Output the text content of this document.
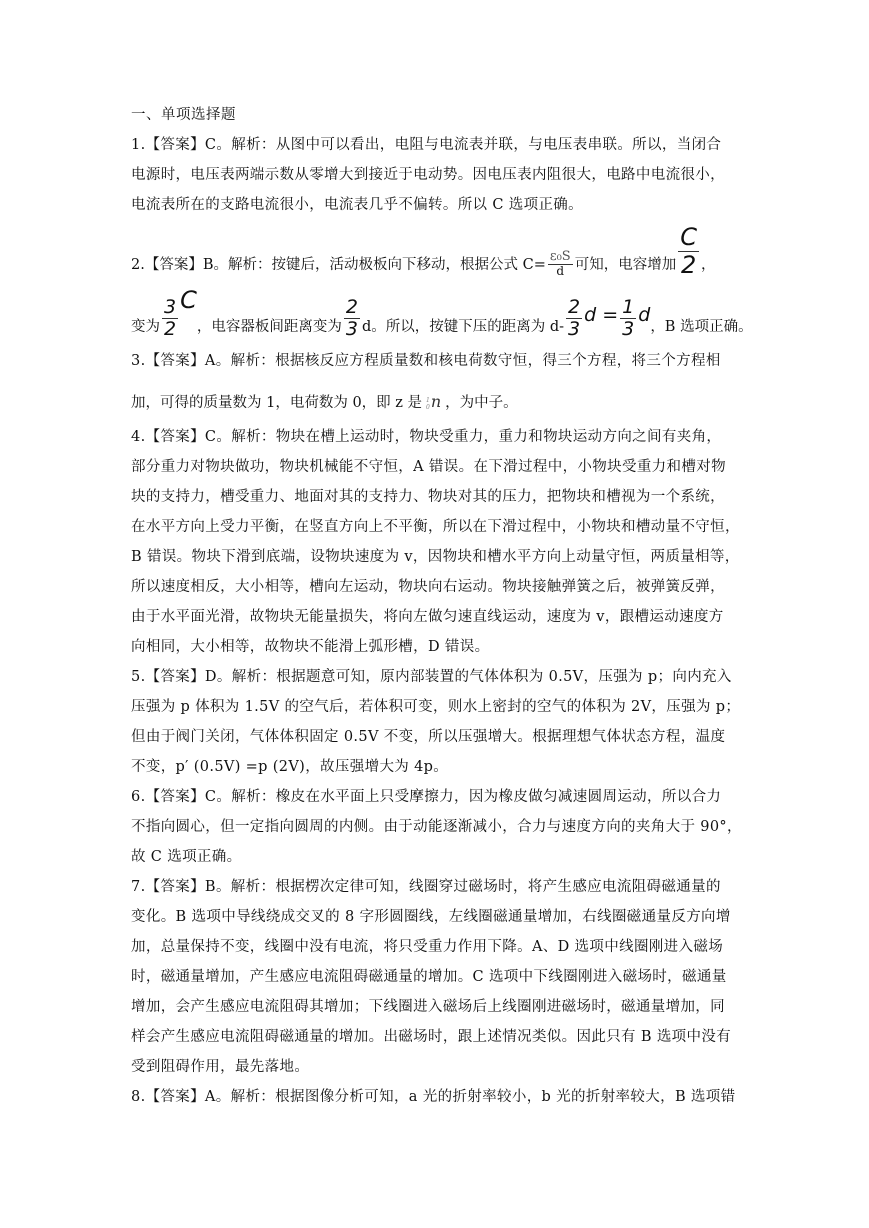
一、单项选择题
1.【答案】C。解析：从图中可以看出，电阻与电流表并联，与电压表串联。所以，当闭合
电源时，电压表两端示数从零增大到接近于电动势。因电压表内阻很大，电路中电流很小，
电流表所在的支路电流很小，电流表几乎不偏转。所以 C 选项正确。
2.【答案】B。解析：按键后，活动极板向下移动，根据公式 $C= \frac{\text{ε₀S}}{d}$ 可知，电容增加 $\frac{C}{2}$ ，
变为 $\frac{3}{2}$ C
，电容器板间距离变为 $\frac{2}{3}$ d。所以，按键下压的距离为 $d- \frac{2}{3}$ $d = \frac{1}{3}$ d
，B 选项正确。
3.【答案】A。解析：根据核反应方程质量数和核电荷数守恒，得三个方程，将三个方程相
加，可得的质量数为 1，电荷数为 0，即 z 是 1
0 n ，为中子。
4.【答案】C。解析：物块在槽上运动时，物块受重力，重力和物块运动方向之间有夹角，
部分重力对物块做功，物块机械能不守恒，A 错误。在下滑过程中，小物块受重力和槽对物
块的支持力，槽受重力、地面对其的支持力、物块对其的压力，把物块和槽视为一个系统，
在水平方向上受力平衡，在竖直方向上不平衡，所以在下滑过程中，小物块和槽动量不守恒，
B 错误。物块下滑到底端，设物块速度为 v，因物块和槽水平方向上动量守恒，两质量相等，
所以速度相反，大小相等，槽向左运动，物块向右运动。物块接触弹簧之后，被弹簧反弹，
由于水平面光滑，故物块无能量损失，将向左做匀速直线运动，速度为 v，跟槽运动速度方
向相同，大小相等，故物块不能滑上弧形槽，D 错误。
5.【答案】D。解析：根据题意可知，原内部装置的气体体积为 0.5V，压强为 p；向内充入
压强为 p 体积为 1.5V 的空气后，若体积可变，则水上密封的空气的体积为 2V，压强为 p；
但由于阀门关闭，气体体积固定 0.5V 不变，所以压强增大。根据理想气体状态方程，温度
不变，p′ (0.5V) =p (2V)，故压强增大为 4p。
6.【答案】C。解析：橡皮在水平面上只受摩擦力，因为橡皮做匀减速圆周运动，所以合力
不指向圆心，但一定指向圆周的内侧。由于动能逐渐减小，合力与速度方向的夹角大于 90°，
故 C 选项正确。
7.【答案】B。解析：根据楞次定律可知，线圈穿过磁场时，将产生感应电流阻碍磁通量的
变化。B 选项中导线绕成交叉的 8 字形圆圈线，左线圈磁通量增加，右线圈磁通量反方向增
加，总量保持不变，线圈中没有电流，将只受重力作用下降。A、D 选项中线圈刚进入磁场
时，磁通量增加，产生感应电流阻碍磁通量的增加。C 选项中下线圈刚进入磁场时，磁通量
增加，会产生感应电流阻碍其增加；下线圈进入磁场后上线圈刚进磁场时，磁通量增加，同
样会产生感应电流阻碍磁通量的增加。出磁场时，跟上述情况类似。因此只有 B 选项中没有
受到阻碍作用，最先落地。
8.【答案】A。解析：根据图像分析可知，a 光的折射率较小，b 光的折射率较大，B 选项错
